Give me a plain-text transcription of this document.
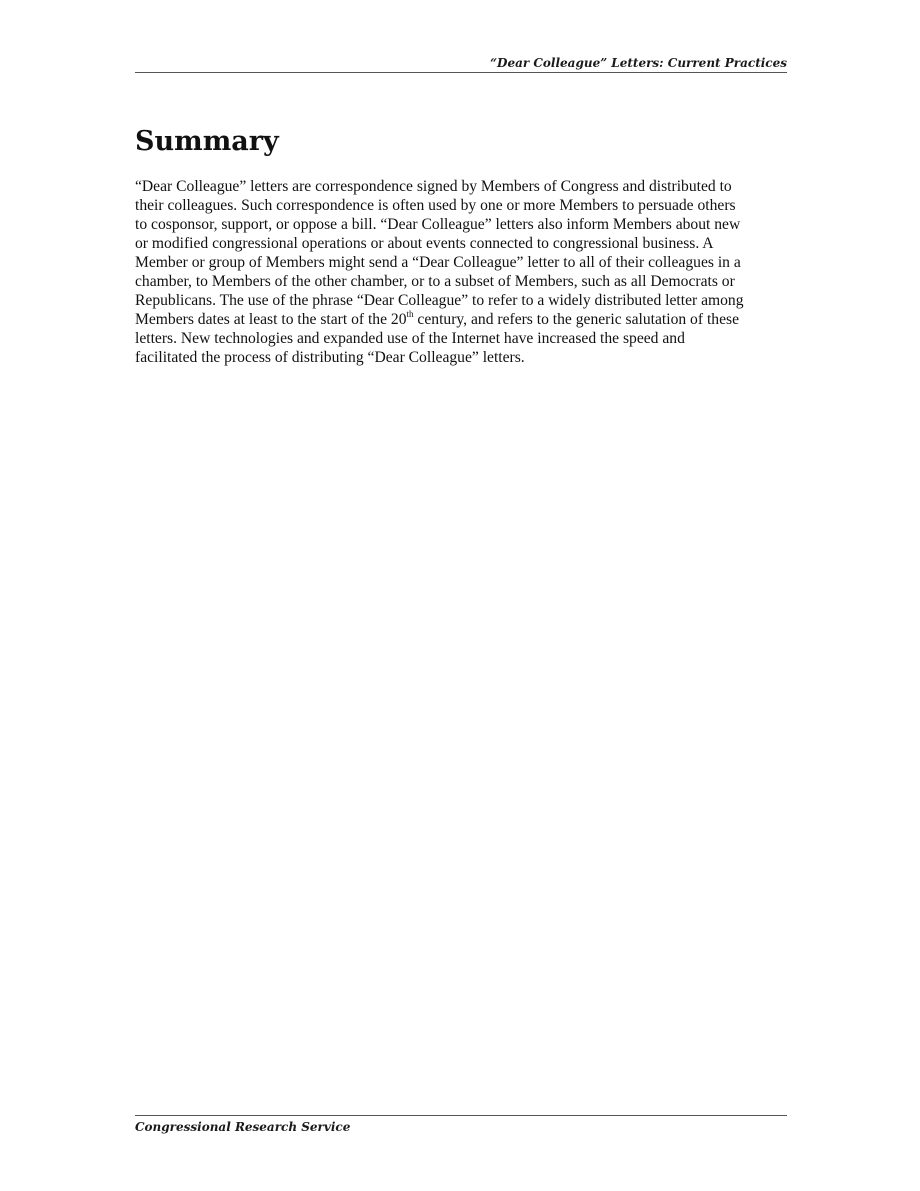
“Dear Colleague” Letters: Current Practices
Summary

“Dear Colleague” letters are correspondence signed by Members of Congress and distributed to
their colleagues. Such correspondence is often used by one or more Members to persuade others
to cosponsor, support, or oppose a bill. “Dear Colleague” letters also inform Members about new
or modified congressional operations or about events connected to congressional business. A
Member or group of Members might send a “Dear Colleague” letter to all of their colleagues in a
chamber, to Members of the other chamber, or to a subset of Members, such as all Democrats or
Republicans. The use of the phrase “Dear Colleague” to refer to a widely distributed letter among
Members dates at least to the start of the 20th century, and refers to the generic salutation of these
letters. New technologies and expanded use of the Internet have increased the speed and
facilitated the process of distributing “Dear Colleague” letters.

Congressional Research Service
